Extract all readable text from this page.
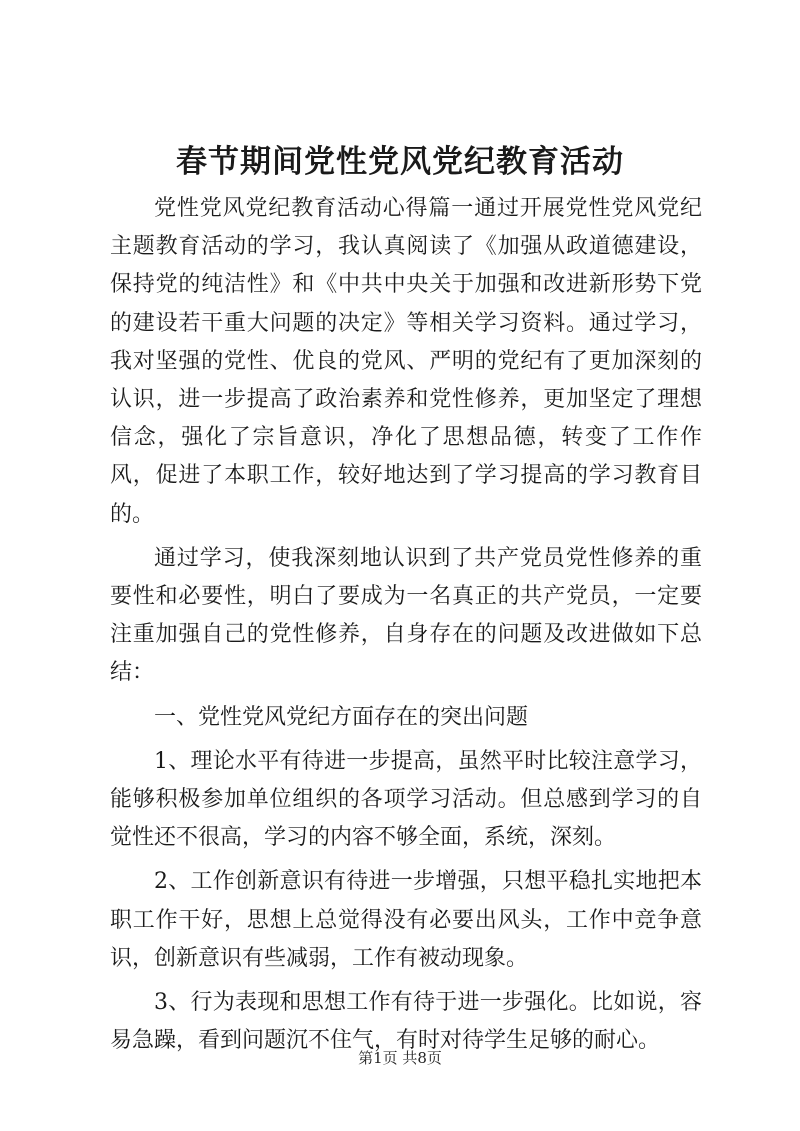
春节期间党性党风党纪教育活动

党性党风党纪教育活动心得篇一通过开展党性党风党纪主题教育活动的学习，我认真阅读了《加强从政道德建设，保持党的纯洁性》和《中共中央关于加强和改进新形势下党的建设若干重大问题的决定》等相关学习资料。通过学习，我对坚强的党性、优良的党风、严明的党纪有了更加深刻的认识，进一步提高了政治素养和党性修养，更加坚定了理想信念，强化了宗旨意识，净化了思想品德，转变了工作作风，促进了本职工作，较好地达到了学习提高的学习教育目的。

通过学习，使我深刻地认识到了共产党员党性修养的重要性和必要性，明白了要成为一名真正的共产党员，一定要注重加强自己的党性修养，自身存在的问题及改进做如下总结：

一、党性党风党纪方面存在的突出问题

1、理论水平有待进一步提高，虽然平时比较注意学习，能够积极参加单位组织的各项学习活动。但总感到学习的自觉性还不很高，学习的内容不够全面，系统，深刻。

2、工作创新意识有待进一步增强，只想平稳扎实地把本职工作干好，思想上总觉得没有必要出风头，工作中竞争意识，创新意识有些减弱，工作有被动现象。

3、行为表现和思想工作有待于进一步强化。比如说，容易急躁，看到问题沉不住气，有时对待学生足够的耐心。

第1页 共8页
